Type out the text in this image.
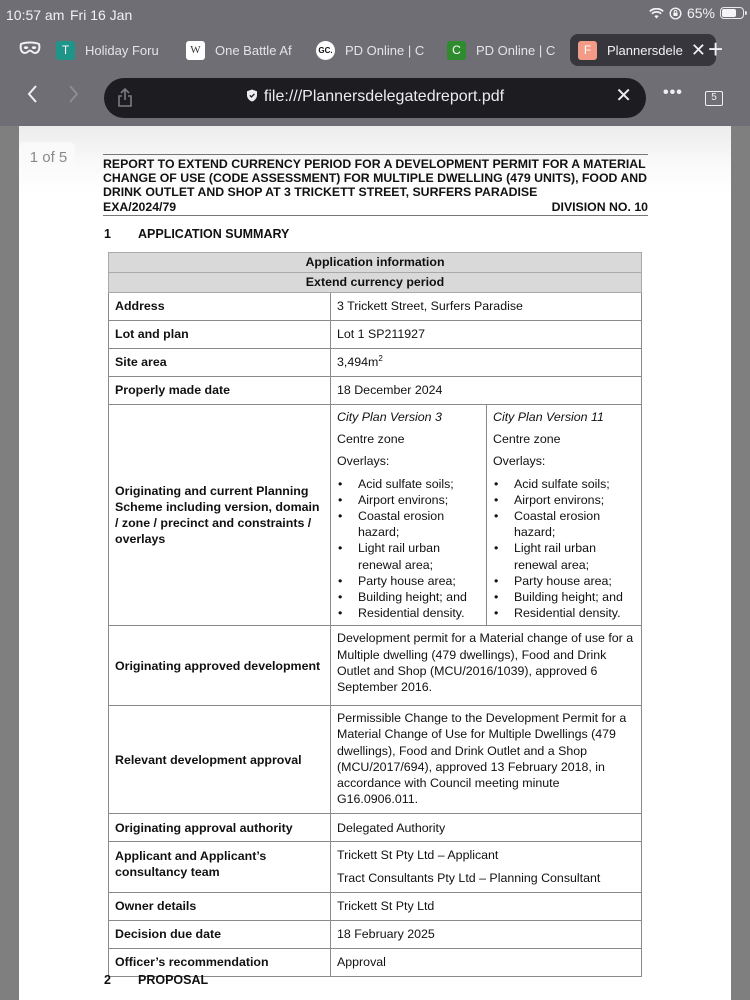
10:57 am Fri 16 Jan	65%
T	Holiday Foru	W	One Battle Af	GC. PD Online | C	C	PD Online | C	F	Plannersdele ✕ +
file:///Plannersdelegatedreport.pdf	✕ •••	5
1 of 5	REPORT TO EXTEND CURRENCY PERIOD FOR A DEVELOPMENT PERMIT FOR A MATERIAL
CHANGE OF USE (CODE ASSESSMENT) FOR MULTIPLE DWELLING (479 UNITS), FOOD AND
DRINK OUTLET AND SHOP AT 3 TRICKETT STREET, SURFERS PARADISE
EXA/2024/79	DIVISION NO. 10
1 APPLICATION SUMMARY
Application information		
Extend currency period		
Address	3 Trickett Street, Surfers Paradise	
Lot and plan	Lot 1 SP211927	
Site area	$3,494m^2$
Properly made date	18 December 2024	
Originating and current Planning Scheme including version, domain / zone / precinct and constraints / overlays	
City Plan Version 3
Centre zone
Overlays:
• Acid sulfate soils;
• Airport environs;
• Coastal erosion hazard;
• Light rail urban renewal area;
• Party house area;
• Building height; and
• Residential density.

City Plan Version 11
Centre zone
Overlays:
• Acid sulfate soils;
• Airport environs;
• Coastal erosion hazard;
• Light rail urban renewal area;
• Party house area;
• Building height; and
• Residential density.

Originating approved development	Development permit for a Material change of use for a Multiple dwelling (479 dwellings), Food and Drink Outlet and Shop (MCU/2016/1039), approved 6 September 2016.	
Relevant development approval	Permissible Change to the Development Permit for a Material Change of Use for Multiple Dwellings (479 dwellings), Food and Drink Outlet and a Shop (MCU/2017/694), approved 13 February 2018, in accordance with Council meeting minute G16.0906.011.	
Originating approval authority	Delegated Authority	
Applicant and Applicant’s consultancy team	Trickett St Pty Ltd – Applicant

Tract Consultants Pty Ltd – Planning Consultant	

Owner details	Trickett St Pty Ltd	
Decision due date	18 February 2025	
Officer’s recommendation	Approval	
2 PROPOSAL
